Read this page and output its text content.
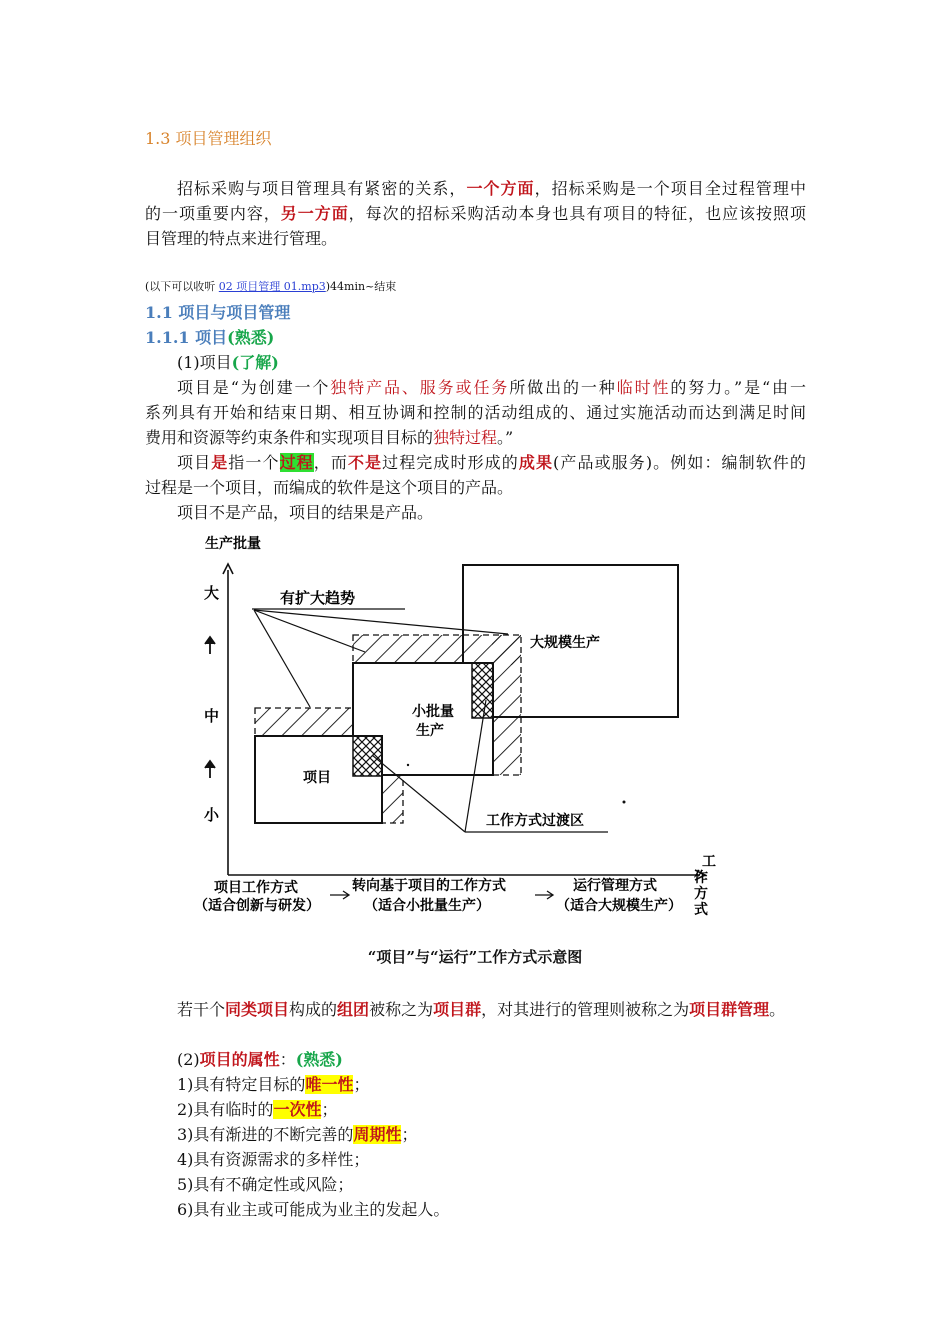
1.3 项目管理组织
招标采购与项目管理具有紧密的关系，一个方面，招标采购是一个项目全过程管理中
的一项重要内容，另一方面，每次的招标采购活动本身也具有项目的特征，也应该按照项
目管理的特点来进行管理。
(以下可以收听 02 项目管理 01.mp3)44min~结束
1.1 项目与项目管理
1.1.1 项目(熟悉)
(1)项目(了解)
项目是“为创建一个独特产品、服务或任务所做出的一种临时性的努力。”是“由一
系列具有开始和结束日期、相互协调和控制的活动组成的、通过实施活动而达到满足时间
费用和资源等约束条件和实现项目目标的独特过程。”
项目是指一个过程，而不是过程完成时形成的成果(产品或服务)。例如：编制软件的
过程是一个项目，而编成的软件是这个项目的产品。
项目不是产品，项目的结果是产品。
生产批量
大
中
小
大规模生产
小批量
生产
项目
有扩大趋势
工作方式过渡区
工
作
方
式
项目工作方式
（适合创新与研发）
转向基于项目的工作方式
（适合小批量生产）
运行管理方式
（适合大规模生产）
“项目”与“运行”工作方式示意图
若干个同类项目构成的组团被称之为项目群，对其进行的管理则被称之为项目群管理。
(2)项目的属性：(熟悉)
1)具有特定目标的唯一性；
2)具有临时的一次性；
3)具有渐进的不断完善的周期性；
4)具有资源需求的多样性；
5)具有不确定性或风险；
6)具有业主或可能成为业主的发起人。
